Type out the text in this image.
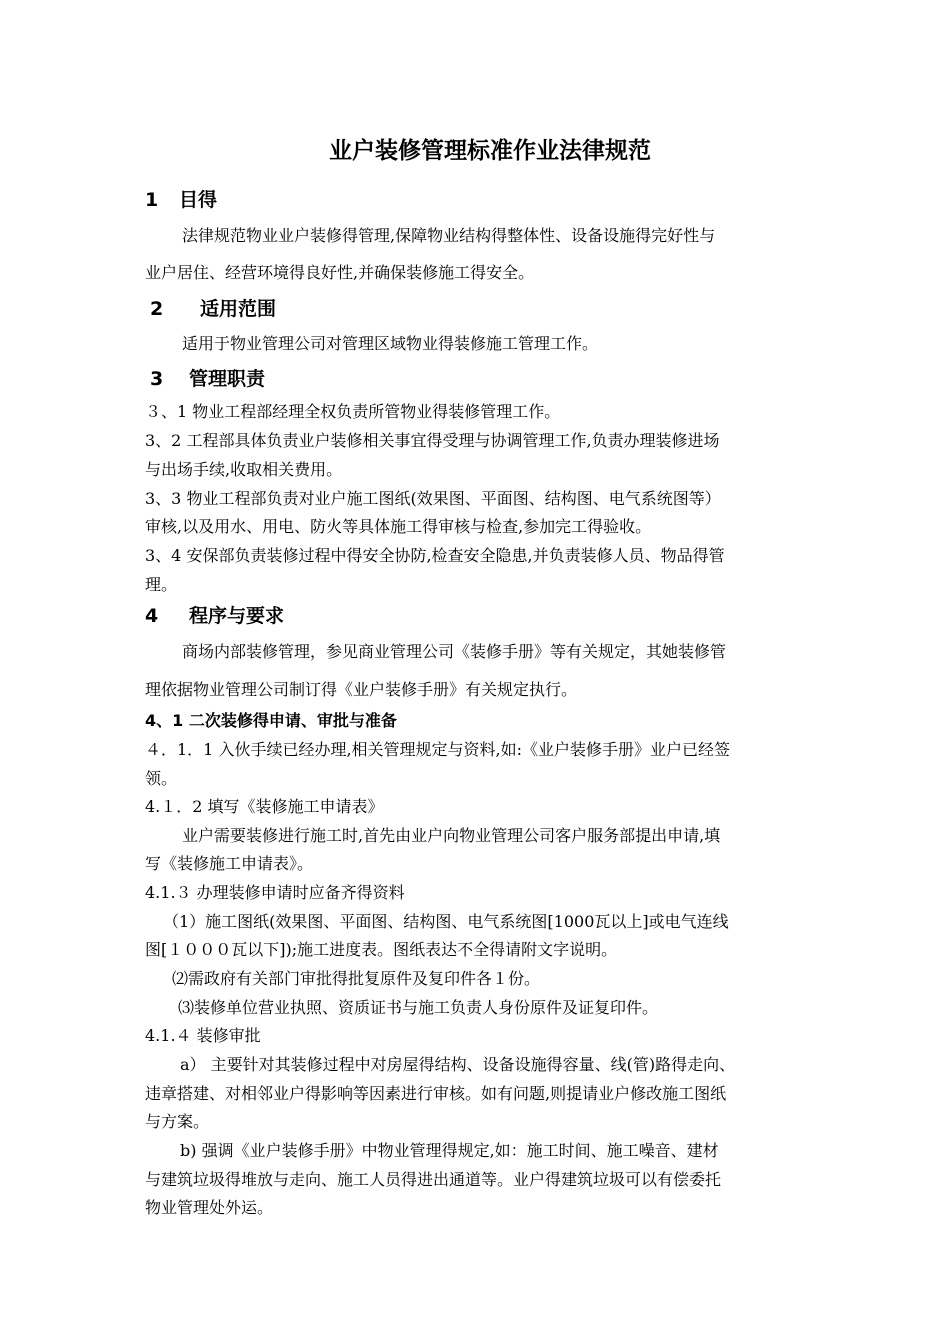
业户装修管理标准作业法律规范
1 目得
法律规范物业业户装修得管理,保障物业结构得整体性、设备设施得完好性与
业户居住、经营环境得良好性,并确保装修施工得安全。
2 适用范围
适用于物业管理公司对管理区域物业得装修施工管理工作。
3 管理职责
３、1 物业工程部经理全权负责所管物业得装修管理工作。
3、2 工程部具体负责业户装修相关事宜得受理与协调管理工作,负责办理装修进场
与出场手续,收取相关费用。
3、3 物业工程部负责对业户施工图纸(效果图、平面图、结构图、电气系统图等）
审核,以及用水、用电、防火等具体施工得审核与检查,参加完工得验收。
3、4 安保部负责装修过程中得安全协防,检查安全隐患,并负责装修人员、物品得管
理。
4 程序与要求
商场内部装修管理，参见商业管理公司《装修手册》等有关规定，其她装修管
理依据物业管理公司制订得《业户装修手册》有关规定执行。
4、1 二次装修得申请、审批与准备
４．1．1 入伙手续已经办理,相关管理规定与资料,如:《业户装修手册》业户已经签
领。
4.１．2 填写《装修施工申请表》
业户需要装修进行施工时,首先由业户向物业管理公司客户服务部提出申请,填
写《装修施工申请表》。
4.1.３ 办理装修申请时应备齐得资料
（1）施工图纸(效果图、平面图、结构图、电气系统图[1000瓦以上]或电气连线
图[１０００瓦以下]);施工进度表。图纸表达不全得请附文字说明。
⑵需政府有关部门审批得批复原件及复印件各１份。
⑶装修单位营业执照、资质证书与施工负责人身份原件及证复印件。
4.1.４ 装修审批
a） 主要针对其装修过程中对房屋得结构、设备设施得容量、线(管)路得走向、
违章搭建、对相邻业户得影响等因素进行审核。如有问题,则提请业户修改施工图纸
与方案。
b) 强调《业户装修手册》中物业管理得规定,如：施工时间、施工噪音、建材
与建筑垃圾得堆放与走向、施工人员得进出通道等。业户得建筑垃圾可以有偿委托
物业管理处外运。
